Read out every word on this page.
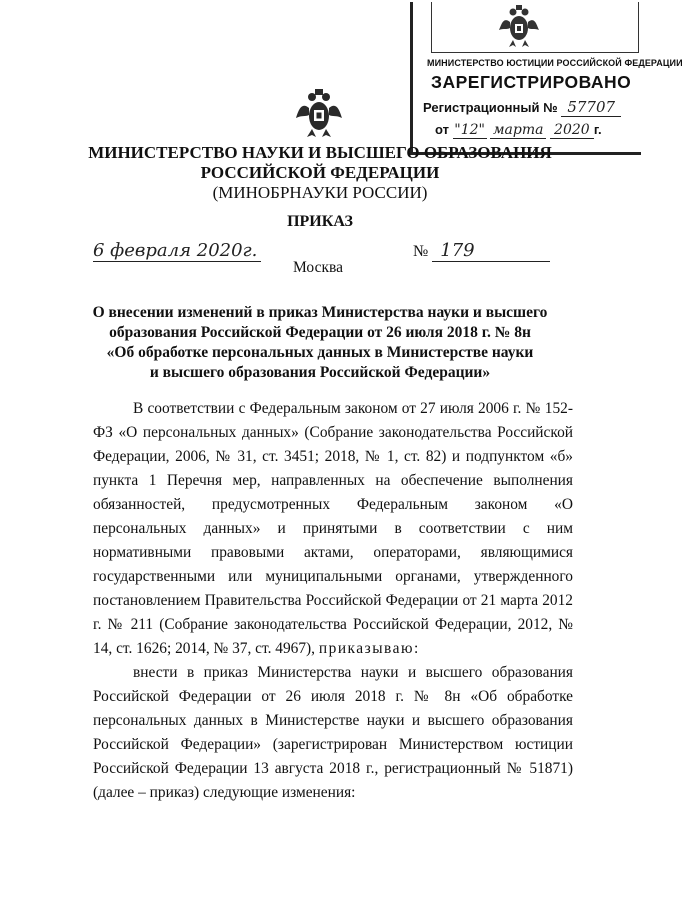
МИНИСТЕРСТВО ЮСТИЦИИ РОССИЙСКОЙ ФЕДЕРАЦИИ
ЗАРЕГИСТРИРОВАНО
Регистрационный № 57707
от "12" марта 2020 г.
МИНИСТЕРСТВО НАУКИ И ВЫСШЕГО ОБРАЗОВАНИЯ
РОССИЙСКОЙ ФЕДЕРАЦИИ
(МИНОБРНАУКИ РОССИИ)
ПРИКАЗ
6 февраля 2020г.	№ 179
Москва
О внесении изменений в приказ Министерства науки и высшего
образования Российской Федерации от 26 июля 2018 г. № 8н
«Об обработке персональных данных в Министерстве науки
и высшего образования Российской Федерации»

В соответствии с Федеральным законом от 27 июля 2006 г. № 152-ФЗ «О персональных данных» (Собрание законодательства Российской Федерации, 2006, № 31, ст. 3451; 2018, № 1, ст. 82) и подпунктом «б» пункта 1 Перечня мер, направленных на обеспечение выполнения обязанностей, предусмотренных Федеральным законом «О персональных данных» и принятыми в соответствии с ним нормативными правовыми актами, операторами, являющимися государственными или муниципальными органами, утвержденного постановлением Правительства Российской Федерации от 21 марта 2012 г. № 211 (Собрание законодательства Российской Федерации, 2012, № 14, ст. 1626; 2014, № 37, ст. 4967), приказываю:

внести в приказ Министерства науки и высшего образования Российской Федерации от 26 июля 2018 г. № 8н «Об обработке персональных данных в Министерстве науки и высшего образования Российской Федерации» (зарегистрирован Министерством юстиции Российской Федерации 13 августа 2018 г., регистрационный № 51871) (далее – приказ) следующие изменения:
